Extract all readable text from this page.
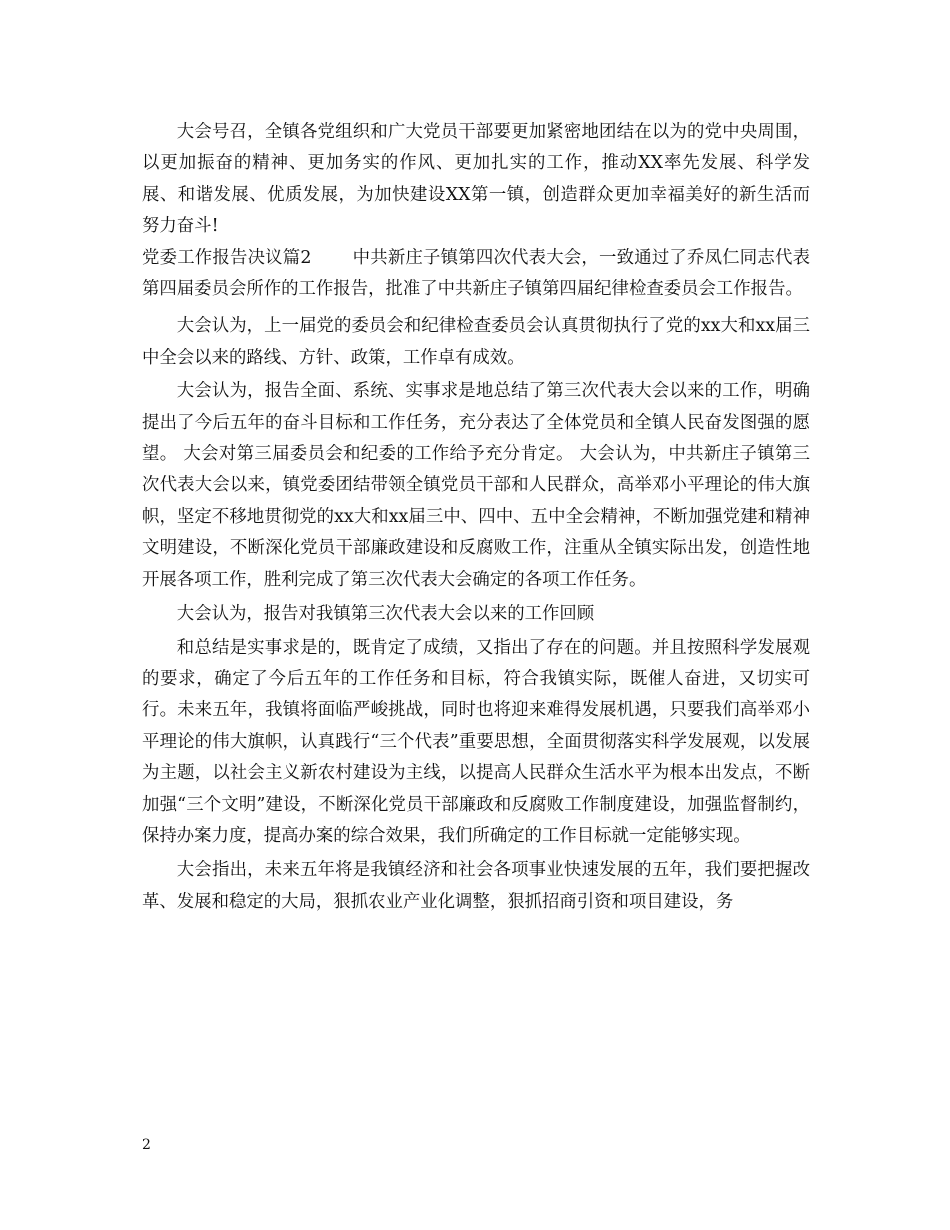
大会号召，全镇各党组织和广大党员干部要更加紧密地团结在以为的党中央周围，以更加振奋的精神、更加务实的作风、更加扎实的工作，推动XX率先发展、科学发展、和谐发展、优质发展，为加快建设XX第一镇，创造群众更加幸福美好的新生活而努力奋斗!

党委工作报告决议篇2 中共新庄子镇第四次代表大会，一致通过了乔凤仁同志代表第四届委员会所作的工作报告，批准了中共新庄子镇第四届纪律检查委员会工作报告。

大会认为，上一届党的委员会和纪律检查委员会认真贯彻执行了党的xx大和xx届三中全会以来的路线、方针、政策，工作卓有成效。

大会认为，报告全面、系统、实事求是地总结了第三次代表大会以来的工作，明确提出了今后五年的奋斗目标和工作任务，充分表达了全体党员和全镇人民奋发图强的愿望。 大会对第三届委员会和纪委的工作给予充分肯定。 大会认为，中共新庄子镇第三次代表大会以来，镇党委团结带领全镇党员干部和人民群众，高举邓小平理论的伟大旗帜，坚定不移地贯彻党的xx大和xx届三中、四中、五中全会精神，不断加强党建和精神文明建设，不断深化党员干部廉政建设和反腐败工作，注重从全镇实际出发，创造性地开展各项工作，胜利完成了第三次代表大会确定的各项工作任务。

大会认为，报告对我镇第三次代表大会以来的工作回顾

和总结是实事求是的，既肯定了成绩，又指出了存在的问题。并且按照科学发展观的要求，确定了今后五年的工作任务和目标，符合我镇实际，既催人奋进，又切实可行。未来五年，我镇将面临严峻挑战，同时也将迎来难得发展机遇，只要我们高举邓小平理论的伟大旗帜，认真践行“三个代表”重要思想，全面贯彻落实科学发展观，以发展为主题，以社会主义新农村建设为主线，以提高人民群众生活水平为根本出发点，不断加强“三个文明”建设，不断深化党员干部廉政和反腐败工作制度建设，加强监督制约，保持办案力度，提高办案的综合效果，我们所确定的工作目标就一定能够实现。

大会指出，未来五年将是我镇经济和社会各项事业快速发展的五年，我们要把握改革、发展和稳定的大局，狠抓农业产业化调整，狠抓招商引资和项目建设，务

2
